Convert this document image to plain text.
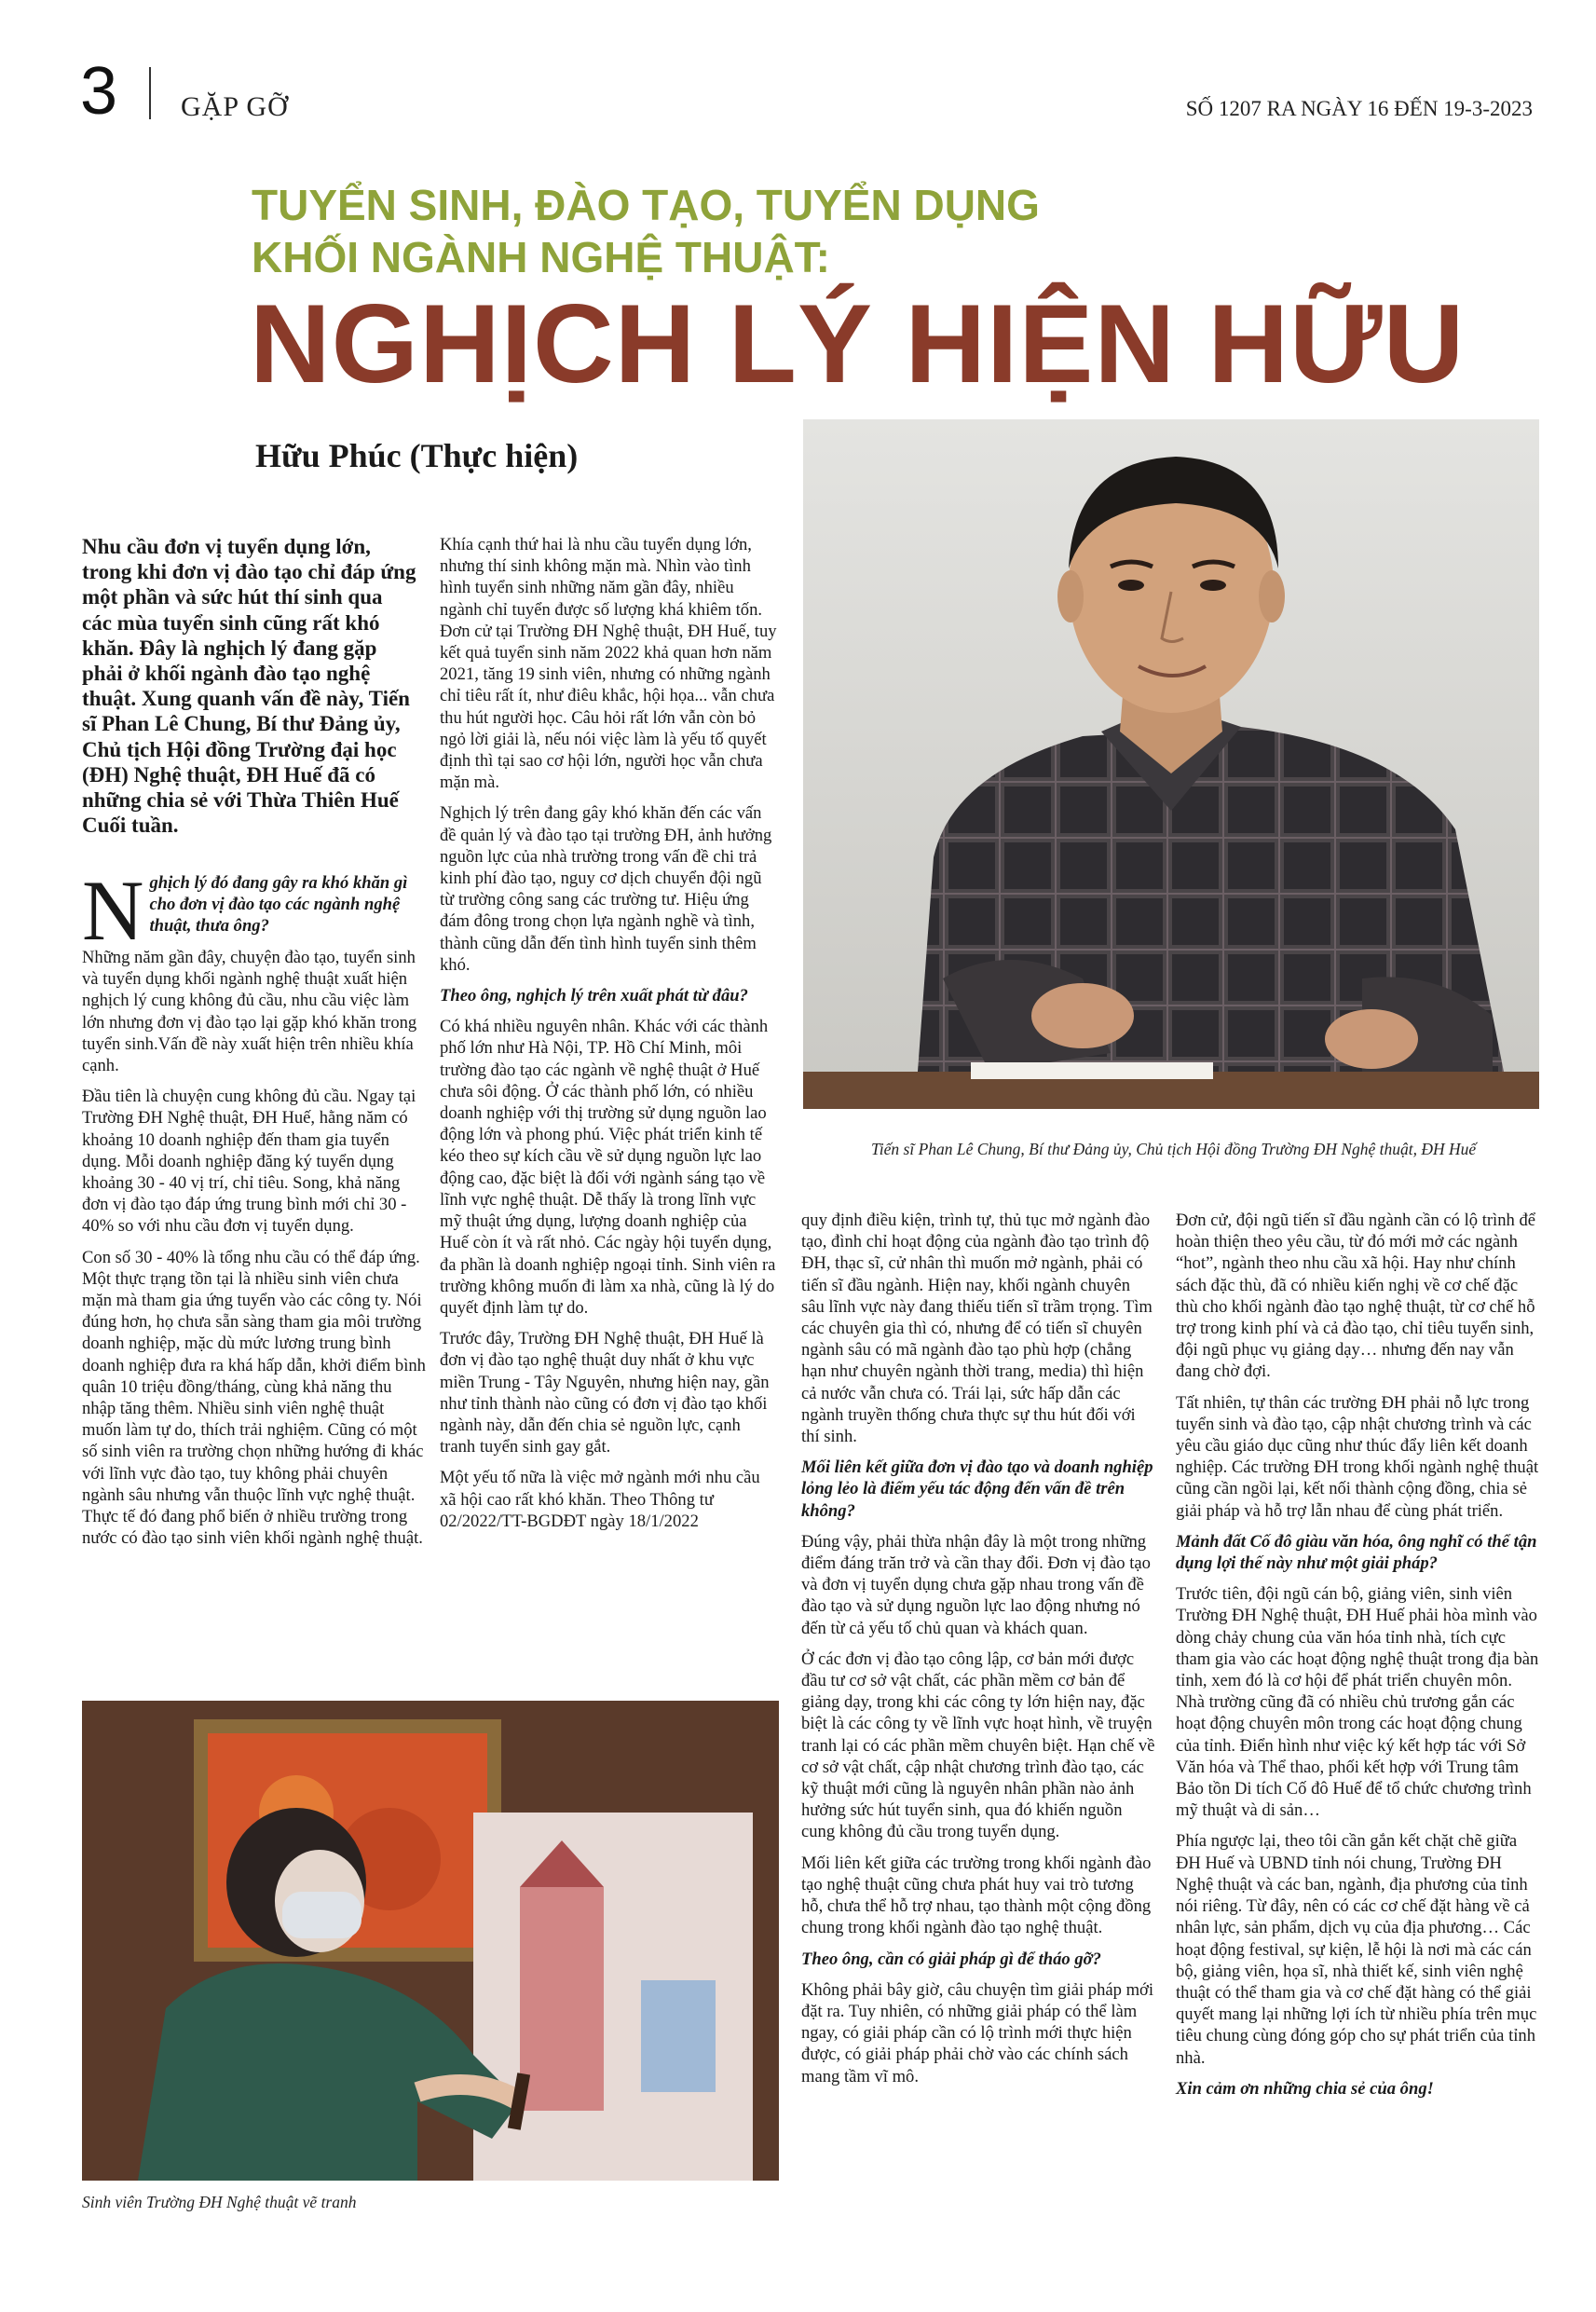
3 GẶP GỠ	SỐ 1207 RA NGÀY 16 ĐẾN 19-3-2023
TUYỂN SINH, ĐÀO TẠO, TUYỂN DỤNG
KHỐI NGÀNH NGHỆ THUẬT:
NGHỊCH LÝ HIỆN HỮU
Hữu Phúc (Thực hiện)
Tiến sĩ Phan Lê Chung, Bí thư Đảng ủy, Chủ tịch Hội đồng Trường ĐH Nghệ thuật, ĐH Huế
Sinh viên Trường ĐH Nghệ thuật vẽ tranh
Nhu cầu đơn vị tuyển dụng lớn, trong khi đơn vị đào tạo chỉ đáp ứng một phần và sức hút thí sinh qua các mùa tuyển sinh cũng rất khó khăn. Đây là nghịch lý đang gặp phải ở khối ngành đào tạo nghệ thuật. Xung quanh vấn đề này, Tiến sĩ Phan Lê Chung, Bí thư Đảng ủy, Chủ tịch Hội đồng Trường đại học (ĐH) Nghệ thuật, ĐH Huế đã có những chia sẻ với Thừa Thiên Huế Cuối tuần.

N ghịch lý đó đang gây ra khó khăn gì cho đơn vị đào tạo các ngành nghệ thuật, thưa ông?

Những năm gần đây, chuyện đào tạo, tuyển sinh và tuyển dụng khối ngành nghệ thuật xuất hiện nghịch lý cung không đủ cầu, nhu cầu việc làm lớn nhưng đơn vị đào tạo lại gặp khó khăn trong tuyển sinh.Vấn đề này xuất hiện trên nhiều khía cạnh.

Đầu tiên là chuyện cung không đủ cầu. Ngay tại Trường ĐH Nghệ thuật, ĐH Huế, hằng năm có khoảng 10 doanh nghiệp đến tham gia tuyển dụng. Mỗi doanh nghiệp đăng ký tuyển dụng khoảng 30 - 40 vị trí, chỉ tiêu. Song, khả năng đơn vị đào tạo đáp ứng trung bình mới chỉ 30 - 40% so với nhu cầu đơn vị tuyển dụng.

Con số 30 - 40% là tổng nhu cầu có thể đáp ứng. Một thực trạng tồn tại là nhiều sinh viên chưa mặn mà tham gia ứng tuyển vào các công ty. Nói đúng hơn, họ chưa sẵn sàng tham gia môi trường doanh nghiệp, mặc dù mức lương trung bình doanh nghiệp đưa ra khá hấp dẫn, khởi điểm bình quân 10 triệu đồng/tháng, cùng khả năng thu nhập tăng thêm. Nhiều sinh viên nghệ thuật muốn làm tự do, thích trải nghiệm. Cũng có một số sinh viên ra trường chọn những hướng đi khác với lĩnh vực đào tạo, tuy không phải chuyên ngành sâu nhưng vẫn thuộc lĩnh vực nghệ thuật. Thực tế đó đang phổ biến ở nhiều trường trong nước có đào tạo sinh viên khối ngành nghệ thuật.

Khía cạnh thứ hai là nhu cầu tuyển dụng lớn, nhưng thí sinh không mặn mà. Nhìn vào tình hình tuyển sinh những năm gần đây, nhiều ngành chỉ tuyển được số lượng khá khiêm tốn. Đơn cử tại Trường ĐH Nghệ thuật, ĐH Huế, tuy kết quả tuyển sinh năm 2022 khả quan hơn năm 2021, tăng 19 sinh viên, nhưng có những ngành chỉ tiêu rất ít, như điêu khắc, hội họa... vẫn chưa thu hút người học. Câu hỏi rất lớn vẫn còn bỏ ngỏ lời giải là, nếu nói việc làm là yếu tố quyết định thì tại sao cơ hội lớn, người học vẫn chưa mặn mà.

Nghịch lý trên đang gây khó khăn đến các vấn đề quản lý và đào tạo tại trường ĐH, ảnh hưởng nguồn lực của nhà trường trong vấn đề chi trả kinh phí đào tạo, nguy cơ dịch chuyển đội ngũ từ trường công sang các trường tư. Hiệu ứng đám đông trong chọn lựa ngành nghề và tình, thành cũng dẫn đến tình hình tuyển sinh thêm khó.

Theo ông, nghịch lý trên xuất phát từ đâu?

Có khá nhiều nguyên nhân. Khác với các thành phố lớn như Hà Nội, TP. Hồ Chí Minh, môi trường đào tạo các ngành về nghệ thuật ở Huế chưa sôi động. Ở các thành phố lớn, có nhiều doanh nghiệp với thị trường sử dụng nguồn lao động lớn và phong phú. Việc phát triển kinh tế kéo theo sự kích cầu về sử dụng nguồn lực lao động cao, đặc biệt là đối với ngành sáng tạo về lĩnh vực nghệ thuật. Dễ thấy là trong lĩnh vực mỹ thuật ứng dụng, lượng doanh nghiệp của Huế còn ít và rất nhỏ. Các ngày hội tuyển dụng, đa phần là doanh nghiệp ngoại tỉnh. Sinh viên ra trường không muốn đi làm xa nhà, cũng là lý do quyết định làm tự do.

Trước đây, Trường ĐH Nghệ thuật, ĐH Huế là đơn vị đào tạo nghệ thuật duy nhất ở khu vực miền Trung - Tây Nguyên, nhưng hiện nay, gần như tỉnh thành nào cũng có đơn vị đào tạo khối ngành này, dẫn đến chia sẻ nguồn lực, cạnh tranh tuyển sinh gay gắt.

Một yếu tố nữa là việc mở ngành mới nhu cầu xã hội cao rất khó khăn. Theo Thông tư 02/2022/TT-BGDĐT ngày 18/1/2022

quy định điều kiện, trình tự, thủ tục mở ngành đào tạo, đình chỉ hoạt động của ngành đào tạo trình độ ĐH, thạc sĩ, cử nhân thì muốn mở ngành, phải có tiến sĩ đầu ngành. Hiện nay, khối ngành chuyên sâu lĩnh vực này đang thiếu tiến sĩ trầm trọng. Tìm các chuyên gia thì có, nhưng để có tiến sĩ chuyên ngành sâu có mã ngành đào tạo phù hợp (chẳng hạn như chuyên ngành thời trang, media) thì hiện cả nước vẫn chưa có. Trái lại, sức hấp dẫn các ngành truyền thống chưa thực sự thu hút đối với thí sinh.

Mối liên kết giữa đơn vị đào tạo và doanh nghiệp lỏng lẻo là điểm yếu tác động đến vấn đề trên không?

Đúng vậy, phải thừa nhận đây là một trong những điểm đáng trăn trở và cần thay đổi. Đơn vị đào tạo và đơn vị tuyển dụng chưa gặp nhau trong vấn đề đào tạo và sử dụng nguồn lực lao động nhưng nó đến từ cả yếu tố chủ quan và khách quan.

Ở các đơn vị đào tạo công lập, cơ bản mới được đầu tư cơ sở vật chất, các phần mềm cơ bản để giảng dạy, trong khi các công ty lớn hiện nay, đặc biệt là các công ty về lĩnh vực hoạt hình, về truyện tranh lại có các phần mềm chuyên biệt. Hạn chế về cơ sở vật chất, cập nhật chương trình đào tạo, các kỹ thuật mới cũng là nguyên nhân phần nào ảnh hưởng sức hút tuyển sinh, qua đó khiến nguồn cung không đủ cầu trong tuyển dụng.

Mối liên kết giữa các trường trong khối ngành đào tạo nghệ thuật cũng chưa phát huy vai trò tương hỗ, chưa thể hỗ trợ nhau, tạo thành một cộng đồng chung trong khối ngành đào tạo nghệ thuật.

Theo ông, cần có giải pháp gì để tháo gỡ?

Không phải bây giờ, câu chuyện tìm giải pháp mới đặt ra. Tuy nhiên, có những giải pháp có thể làm ngay, có giải pháp cần có lộ trình mới thực hiện được, có giải pháp phải chờ vào các chính sách mang tầm vĩ mô.

Đơn cử, đội ngũ tiến sĩ đầu ngành cần có lộ trình để hoàn thiện theo yêu cầu, từ đó mới mở các ngành “hot”, ngành theo nhu cầu xã hội. Hay như chính sách đặc thù, đã có nhiều kiến nghị về cơ chế đặc thù cho khối ngành đào tạo nghệ thuật, từ cơ chế hỗ trợ trong kinh phí và cả đào tạo, chỉ tiêu tuyển sinh, đội ngũ phục vụ giảng dạy… nhưng đến nay vẫn đang chờ đợi.

Tất nhiên, tự thân các trường ĐH phải nỗ lực trong tuyển sinh và đào tạo, cập nhật chương trình và các yêu cầu giáo dục cũng như thúc đẩy liên kết doanh nghiệp. Các trường ĐH trong khối ngành nghệ thuật cũng cần ngồi lại, kết nối thành cộng đồng, chia sẻ giải pháp và hỗ trợ lẫn nhau để cùng phát triển.

Mảnh đất Cố đô giàu văn hóa, ông nghĩ có thể tận dụng lợi thế này như một giải pháp?

Trước tiên, đội ngũ cán bộ, giảng viên, sinh viên Trường ĐH Nghệ thuật, ĐH Huế phải hòa mình vào dòng chảy chung của văn hóa tỉnh nhà, tích cực tham gia vào các hoạt động nghệ thuật trong địa bàn tỉnh, xem đó là cơ hội để phát triển chuyên môn. Nhà trường cũng đã có nhiều chủ trương gắn các hoạt động chuyên môn trong các hoạt động chung của tỉnh. Điển hình như việc ký kết hợp tác với Sở Văn hóa và Thể thao, phối kết hợp với Trung tâm Bảo tồn Di tích Cố đô Huế để tổ chức chương trình mỹ thuật và di sản…

Phía ngược lại, theo tôi cần gắn kết chặt chẽ giữa ĐH Huế và UBND tỉnh nói chung, Trường ĐH Nghệ thuật và các ban, ngành, địa phương của tỉnh nói riêng. Từ đây, nên có các cơ chế đặt hàng về cả nhân lực, sản phẩm, dịch vụ của địa phương… Các hoạt động festival, sự kiện, lễ hội là nơi mà các cán bộ, giảng viên, họa sĩ, nhà thiết kế, sinh viên nghệ thuật có thể tham gia và cơ chế đặt hàng có thể giải quyết mang lại những lợi ích từ nhiều phía trên mục tiêu chung cùng đóng góp cho sự phát triển của tỉnh nhà.

Xin cảm ơn những chia sẻ của ông!
